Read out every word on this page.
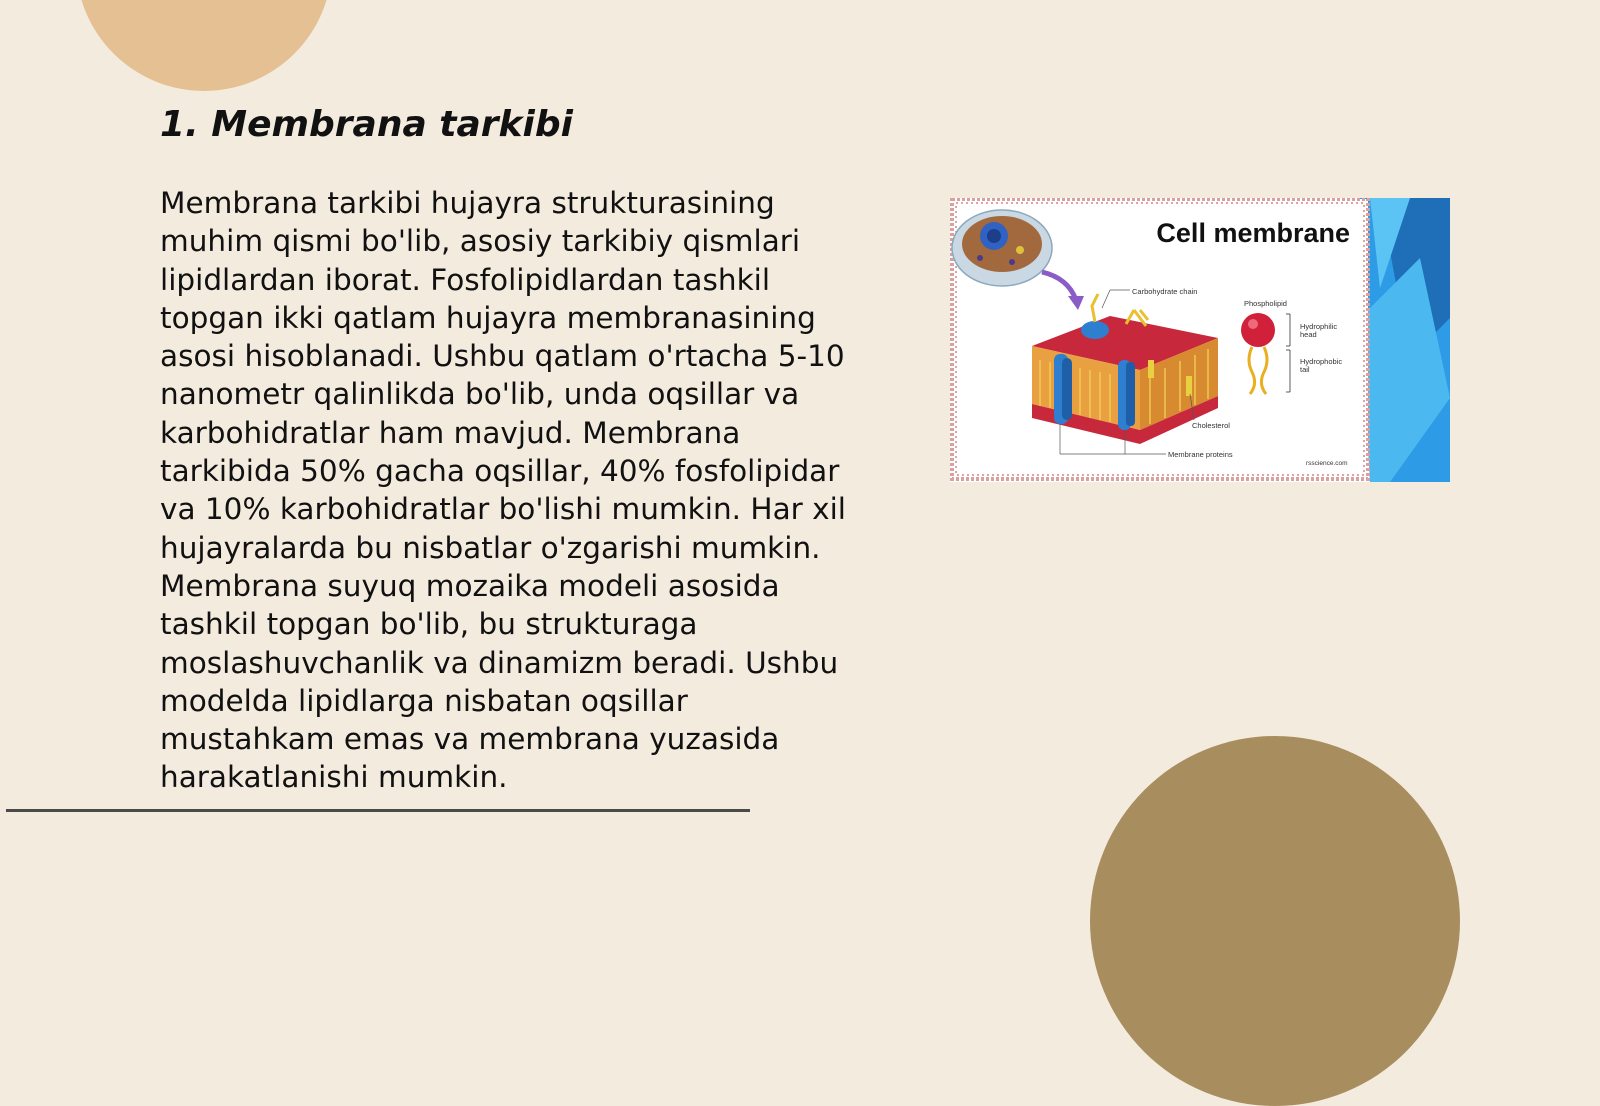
1. Membrana tarkibi

Membrana tarkibi hujayra strukturasining muhim qismi bo'lib, asosiy tarkibiy qismlari lipidlardan iborat. Fosfolipidlardan tashkil topgan ikki qatlam hujayra membranasining asosi hisoblanadi. Ushbu qatlam o'rtacha 5-10 nanometr qalinlikda bo'lib, unda oqsillar va karbohidratlar ham mavjud. Membrana tarkibida 50% gacha oqsillar, 40% fosfolipidar va 10% karbohidratlar bo'lishi mumkin. Har xil hujayralarda bu nisbatlar o'zgarishi mumkin. Membrana suyuq mozaika modeli asosida tashkil topgan bo'lib, bu strukturaga moslashuvchanlik va dinamizm beradi. Ushbu modelda lipidlarga nisbatan oqsillar mustahkam emas va membrana yuzasida harakatlanishi mumkin.

Cell membrane
Carbohydrate chain
Phospholipid
Hydrophilic head
Hydrophobic tail
Cholesterol
Membrane proteins
rsscience.com
